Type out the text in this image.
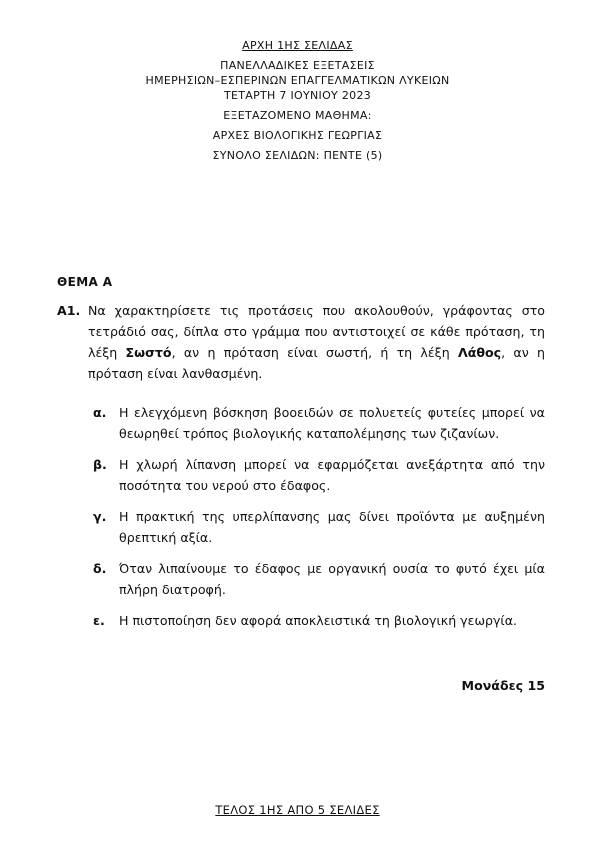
ΑΡΧΗ 1ΗΣ ΣΕΛΙΔΑΣ
ΠΑΝΕΛΛΑΔΙΚΕΣ ΕΞΕΤΑΣΕΙΣ
ΗΜΕΡΗΣΙΩΝ–ΕΣΠΕΡΙΝΩΝ ΕΠΑΓΓΕΛΜΑΤΙΚΩΝ ΛΥΚΕΙΩΝ
ΤΕΤΑΡΤΗ 7 ΙΟΥΝΙΟΥ 2023
ΕΞΕΤΑΖΟΜΕΝΟ ΜΑΘΗΜΑ:
ΑΡΧΕΣ ΒΙΟΛΟΓΙΚΗΣ ΓΕΩΡΓΙΑΣ
ΣΥΝΟΛΟ ΣΕΛΙΔΩΝ: ΠΕΝΤΕ (5)
ΘΕΜΑ Α
Α1. Να χαρακτηρίσετε τις προτάσεις που ακολουθούν, γράφοντας στο τετράδιό σας, δίπλα στο γράμμα που αντιστοιχεί σε κάθε πρόταση, τη λέξη Σωστό, αν η πρόταση είναι σωστή, ή τη λέξη Λάθος, αν η πρόταση είναι λανθασμένη.
α. Η ελεγχόμενη βόσκηση βοοειδών σε πολυετείς φυτείες μπορεί να θεωρηθεί τρόπος βιολογικής καταπολέμησης των ζιζανίων.
β. Η χλωρή λίπανση μπορεί να εφαρμόζεται ανεξάρτητα από την ποσότητα του νερού στο έδαφος.
γ. Η πρακτική της υπερλίπανσης μας δίνει προϊόντα με αυξημένη θρεπτική αξία.
δ. Όταν λιπαίνουμε το έδαφος με οργανική ουσία το φυτό έχει μία πλήρη διατροφή.
ε. Η πιστοποίηση δεν αφορά αποκλειστικά τη βιολογική γεωργία.
Μονάδες 15
ΤΕΛΟΣ 1ΗΣ ΑΠΟ 5 ΣΕΛΙΔΕΣ
